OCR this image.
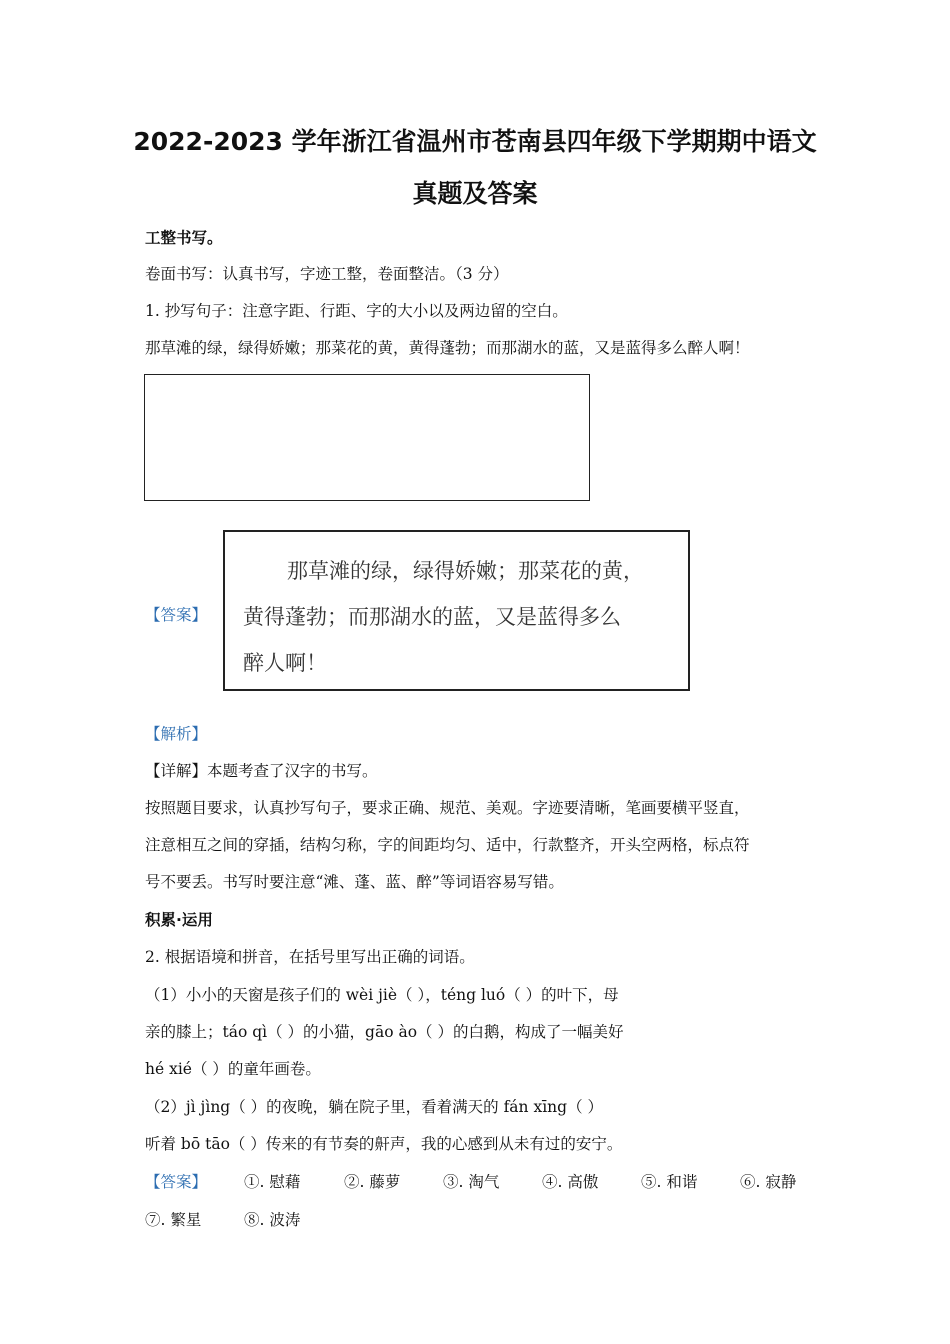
2022-2023 学年浙江省温州市苍南县四年级下学期期中语文
真题及答案
工整书写。
卷面书写：认真书写，字迹工整，卷面整洁。（3 分）
1. 抄写句子：注意字距、行距、字的大小以及两边留的空白。
那草滩的绿，绿得娇嫩；那菜花的黄，黄得蓬勃；而那湖水的蓝，又是蓝得多么醉人啊！
【答案】
那草滩的绿，绿得娇嫩；那菜花的黄，
黄得蓬勃；而那湖水的蓝，又是蓝得多么
醉人啊！
【解析】
【详解】本题考查了汉字的书写。
按照题目要求，认真抄写句子，要求正确、规范、美观。字迹要清晰，笔画要横平竖直，
注意相互之间的穿插，结构匀称，字的间距均匀、适中，行款整齐，开头空两格，标点符
号不要丢。书写时要注意“滩、蓬、蓝、醉”等词语容易写错。
积累·运用
2. 根据语境和拼音，在括号里写出正确的词语。
（1）小小的天窗是孩子们的 wèi jiè（ ），téng luó（ ）的叶下，母
亲的膝上；táo qì（ ）的小猫，gāo ào（ ）的白鹅，构成了一幅美好
hé xié（ ）的童年画卷。
（2）jì jìng（ ）的夜晚，躺在院子里，看着满天的 fán xīng（ ）
听着 bō tāo（ ）传来的有节奏的鼾声，我的心感到从未有过的安宁。
【答案】 ①. 慰藉	②. 藤萝	③. 淘气	④. 高傲	⑤. 和谐	⑥. 寂静
⑦. 繁星	⑧. 波涛
